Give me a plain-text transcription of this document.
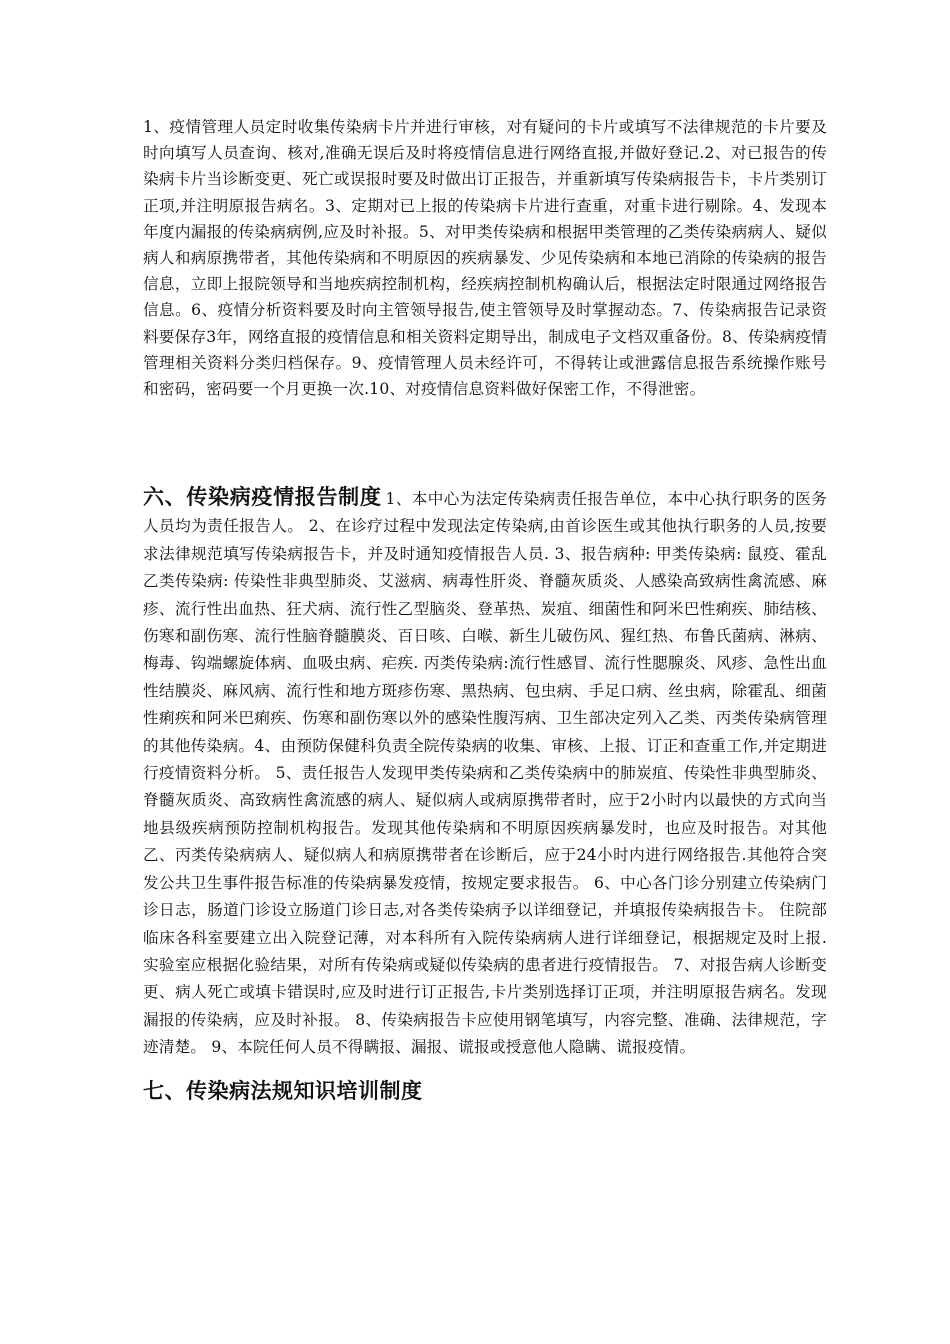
1、疫情管理人员定时收集传染病卡片并进行审核，对有疑问的卡片或填写不法律规范的卡片要及时向填写人员查询、核对,准确无误后及时将疫情信息进行网络直报,并做好登记.2、对已报告的传染病卡片当诊断变更、死亡或误报时要及时做出订正报告，并重新填写传染病报告卡，卡片类别订正项,并注明原报告病名。3、定期对已上报的传染病卡片进行查重，对重卡进行剔除。4、发现本年度内漏报的传染病病例,应及时补报。5、对甲类传染病和根据甲类管理的乙类传染病病人、疑似病人和病原携带者，其他传染病和不明原因的疾病暴发、少见传染病和本地已消除的传染病的报告信息，立即上报院领导和当地疾病控制机构，经疾病控制机构确认后，根据法定时限通过网络报告信息。6、疫情分析资料要及时向主管领导报告,使主管领导及时掌握动态。7、传染病报告记录资料要保存3年，网络直报的疫情信息和相关资料定期导出，制成电子文档双重备份。8、传染病疫情管理相关资料分类归档保存。9、疫情管理人员未经许可，不得转让或泄露信息报告系统操作账号和密码，密码要一个月更换一次.10、对疫情信息资料做好保密工作，不得泄密。

六、传染病疫情报告制度 1、本中心为法定传染病责任报告单位，本中心执行职务的医务人员均为责任报告人。 2、在诊疗过程中发现法定传染病,由首诊医生或其他执行职务的人员,按要求法律规范填写传染病报告卡，并及时通知疫情报告人员. 3、报告病种: 甲类传染病: 鼠疫、霍乱 乙类传染病: 传染性非典型肺炎、艾滋病、病毒性肝炎、脊髓灰质炎、人感染高致病性禽流感、麻疹、流行性出血热、狂犬病、流行性乙型脑炎、登革热、炭疽、细菌性和阿米巴性痢疾、肺结核、伤寒和副伤寒、流行性脑脊髓膜炎、百日咳、白喉、新生儿破伤风、猩红热、布鲁氏菌病、淋病、梅毒、钩端螺旋体病、血吸虫病、疟疾. 丙类传染病:流行性感冒、流行性腮腺炎、风疹、急性出血性结膜炎、麻风病、流行性和地方斑疹伤寒、黑热病、包虫病、手足口病、丝虫病，除霍乱、细菌性痢疾和阿米巴痢疾、伤寒和副伤寒以外的感染性腹泻病、卫生部决定列入乙类、丙类传染病管理的其他传染病。4、由预防保健科负责全院传染病的收集、审核、上报、订正和查重工作,并定期进行疫情资料分析。 5、责任报告人发现甲类传染病和乙类传染病中的肺炭疽、传染性非典型肺炎、脊髓灰质炎、高致病性禽流感的病人、疑似病人或病原携带者时，应于2小时内以最快的方式向当地县级疾病预防控制机构报告。发现其他传染病和不明原因疾病暴发时，也应及时报告。对其他乙、丙类传染病病人、疑似病人和病原携带者在诊断后，应于24小时内进行网络报告.其他符合突发公共卫生事件报告标准的传染病暴发疫情，按规定要求报告。 6、中心各门诊分别建立传染病门诊日志，肠道门诊设立肠道门诊日志,对各类传染病予以详细登记，并填报传染病报告卡。 住院部临床各科室要建立出入院登记薄，对本科所有入院传染病病人进行详细登记，根据规定及时上报. 实验室应根据化验结果，对所有传染病或疑似传染病的患者进行疫情报告。 7、对报告病人诊断变更、病人死亡或填卡错误时,应及时进行订正报告,卡片类别选择订正项，并注明原报告病名。发现漏报的传染病，应及时补报。 8、传染病报告卡应使用钢笔填写，内容完整、准确、法律规范，字迹清楚。 9、本院任何人员不得瞒报、漏报、谎报或授意他人隐瞒、谎报疫情。

七、传染病法规知识培训制度
